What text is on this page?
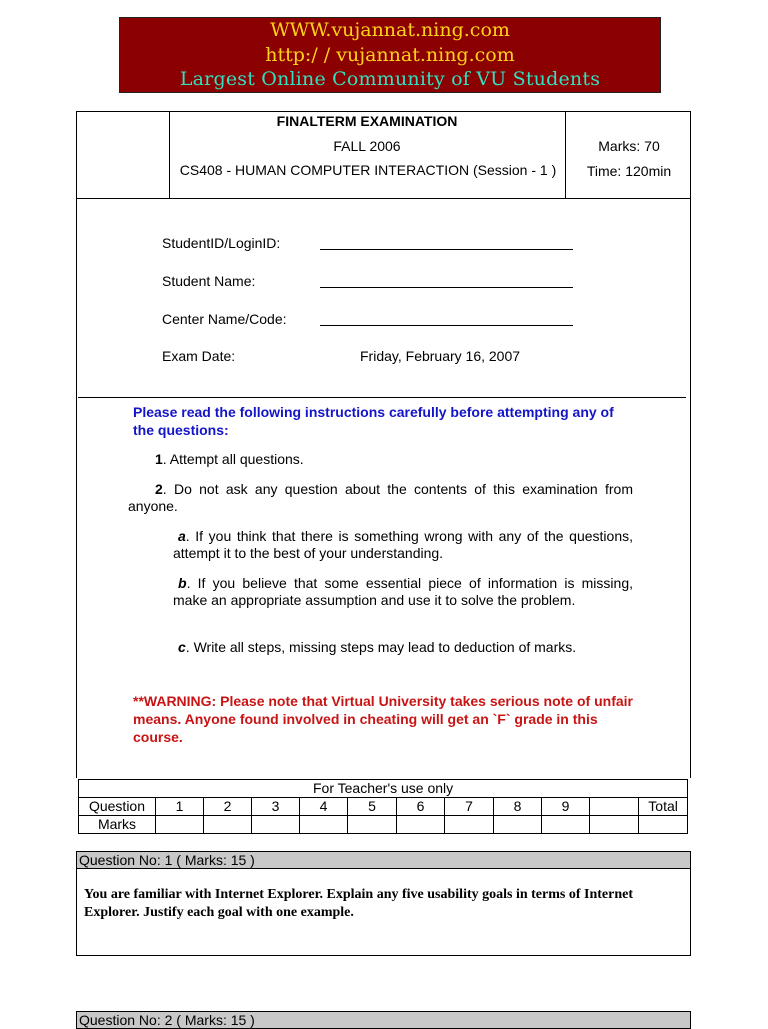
WWW.vujannat.ning.com
http:/ / vujannat.ning.com
Largest Online Community of VU Students
FINALTERM EXAMINATION
FALL 2006
CS408 - HUMAN COMPUTER INTERACTION (Session - 1 )
Marks: 70
Time: 120min
StudentID/LoginID:
Student Name:
Center Name/Code:
Exam Date:	Friday, February 16, 2007
Please read the following instructions carefully before attempting any of the questions:
1. Attempt all questions.
2. Do not ask any question about the contents of this examination from anyone.
a. If you think that there is something wrong with any of the questions, attempt it to the best of your understanding.
b. If you believe that some essential piece of information is missing, make an appropriate assumption and use it to solve the problem.
c. Write all steps, missing steps may lead to deduction of marks.
**WARNING: Please note that Virtual University takes serious note of unfair means. Anyone found involved in cheating will get an `F` grade in this course.
For Teacher's use only											
Question	1	2	3	4	5	6	7	8	9		Total
Marks											
Question No: 1 ( Marks: 15 )
You are familiar with Internet Explorer. Explain any five usability goals in terms of Internet Explorer. Justify each goal with one example.
Question No: 2 ( Marks: 15 )
